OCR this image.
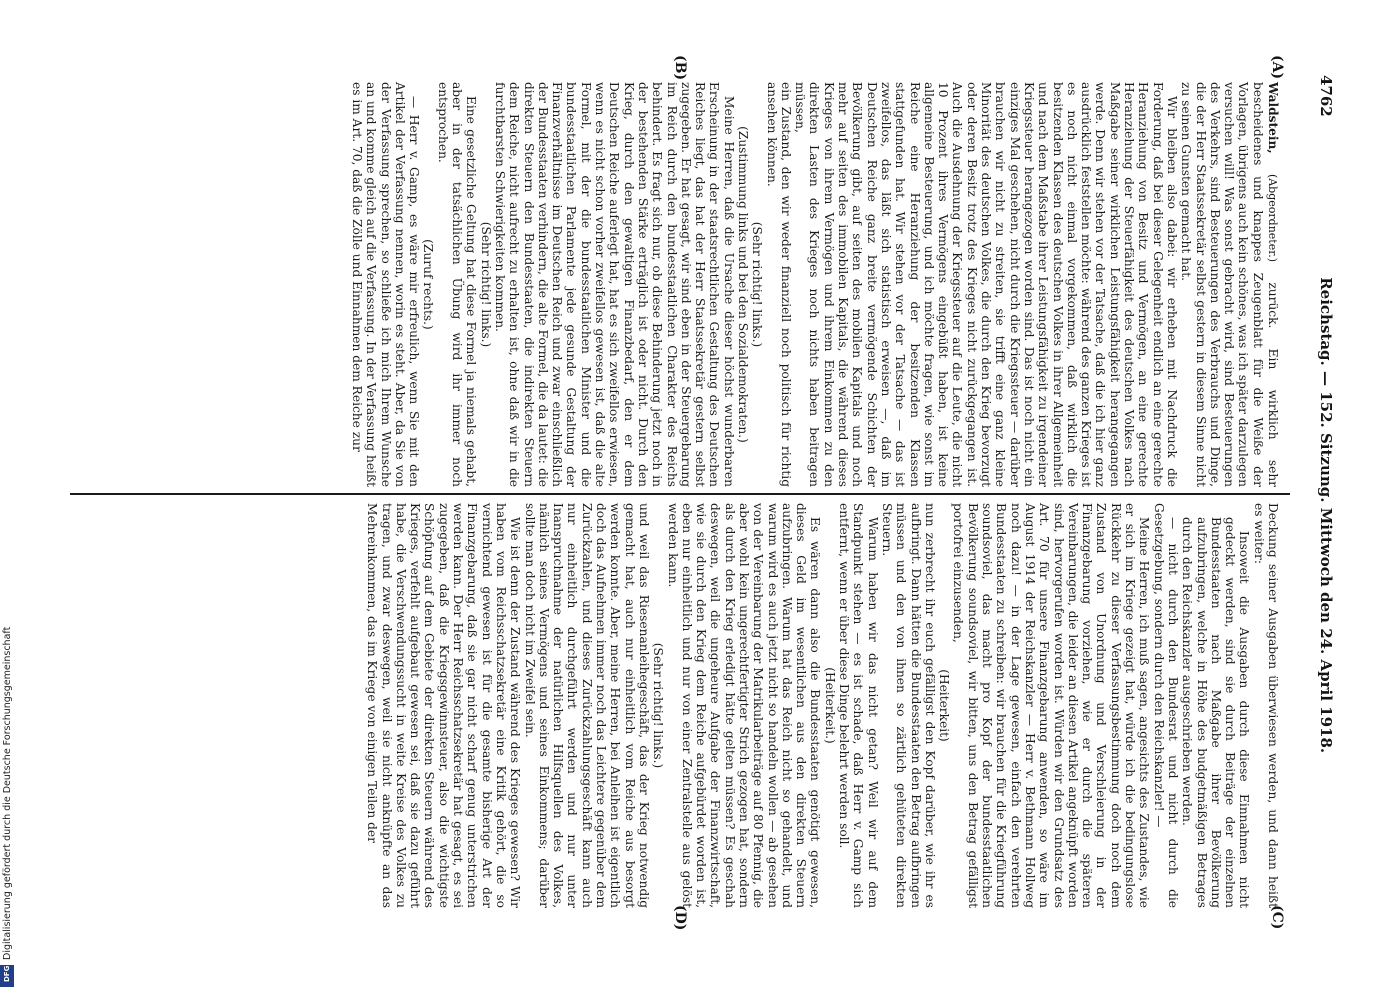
4762  Reichstag. — 152. Sitzung. Mittwoch den 24. April 1918.
(A)
(B)
(C)
(D)

Waldstein, (Abgeordneter.) zurück. Ein wirklich sehr bescheidenes und knappes Zeugenblatt für die Weiße der Vorlagen, übrigens auch kein schönes, was ich später darzulegen versuchen will! Was sonst gebracht wird, sind Besteuerungen des Verkehrs, sind Besteuerungen des Verbrauchs und Dinge, die der Herr Staatssekretär selbst gestern in diesem Sinne nicht zu seinen Gunsten gemacht hat.

Wir bleiben also dabei: wir erheben mit Nachdruck die Forderung, daß bei dieser Gelegenheit endlich an eine gerechte Heranziehung von Besitz und Vermögen, an eine gerechte Heranziehung der Steuerfähigkeit des deutschen Volkes nach Maßgabe seiner wirklichen Leistungsfähigkeit herangegangen werde. Denn wir stehen vor der Tatsache, daß die ich hier ganz ausdrücklich feststellen möchte: während des ganzen Krieges ist es noch nicht einmal vorgekommen, daß wirklich die besitzenden Klassen des deutschen Volkes in ihrer Allgemeinheit und nach dem Maßstabe ihrer Leistungsfähigkeit zu irgendeiner Kriegssteuer herangezogen worden sind. Das ist noch nicht ein einziges Mal geschehen, nicht durch die Kriegssteuer — darüber brauchen wir nicht zu streiten, sie trifft eine ganz kleine Minorität des deutschen Volkes, die durch den Krieg bevorzugt oder deren Besitz trotz des Krieges nicht zurückgegangen ist. Auch die Ausdehnung der Kriegssteuer auf die Leute, die nicht 10 Prozent ihres Vermögens eingebüßt haben, ist keine allgemeine Besteuerung, und ich möchte fragen, wie sonst im Reiche eine Heranziehung der besitzenden Klassen stattgefunden hat. Wir stehen vor der Tatsache — das ist zweifellos, das läßt sich statistisch erweisen —, daß im Deutschen Reiche ganz breite vermögende Schichten der Bevölkerung gibt, auf seiten des mobilen Kapitals und noch mehr auf seiten des immobilen Kapitals, die während dieses Krieges von ihrem Vermögen und ihrem Einkommen zu den direkten Lasten des Krieges noch nichts haben beitragen müssen,

ein Zustand, den wir weder finanziell noch politisch für richtig ansehen können.

(Sehr richtig! links.)

(Zustimmung links und bei den Sozialdemokraten.)

Meine Herren, daß die Ursache dieser höchst wunderbaren Erscheinung in der staatsrechtlichen Gestaltung des Deutschen Reiches liegt, das hat der Herr Staatssekretär gestern selbst zugegeben. Er hat gesagt, wir sind eben in der Steuergebarung im Reich durch den bundesstaatlichen Charakter des Reichs behindert. Es fragt sich nur, ob diese Behinderung jetzt noch in der bestehenden Stärke erträglich ist oder nicht. Durch den Krieg, durch den gewaltigen Finanzbedarf, den er dem Deutschen Reiche auferlegt hat, hat es sich zweifellos erwiesen, wenn es nicht schon vorher zweifellos gewesen ist, daß die alte Formel, mit der die bundesstaatlichen Minister und die bundesstaatlichen Parlamente jede gesunde Gestaltung der Finanzverhältnisse im Deutschen Reich und zwar einschließlich der Bundesstaaten verhindern, die alte Formel, die da lautet: die direkten Steuern den Bundesstaaten, die indirekten Steuern dem Reiche, nicht aufrecht zu erhalten ist, ohne daß wir in die furchtbarsten Schwierigkeiten kommen.

(Sehr richtig! links.)

Eine gesetzliche Geltung hat diese Formel ja niemals gehabt, aber in der tatsächlichen Übung wird ihr immer noch entsprochen.

(Zuruf rechts.)

— Herr v. Gamp, es wäre mir erfreulich, wenn Sie mit den Artikel der Verfassung nennen, worin es steht. Aber, da Sie von der Verfassung sprechen, so schließe ich mich Ihrem Wunsche an und komme gleich auf die Verfassung. In der Verfassung heißt es im Art. 70, daß die Zölle und Einnahmen dem Reiche zur

Deckung seiner Ausgaben überwiesen werden, und dann heißt es weiter:

Insoweit die Ausgaben durch diese Einnahmen nicht gedeckt werden, sind sie durch Beiträge der einzelnen Bundesstaaten nach Maßgabe ihrer Bevölkerung aufzubringen, welche in Höhe des budgetmäßigen Betrages durch den Reichskanzler ausgeschrieben werden.

— nicht durch den Bundesrat und nicht durch die Gesetzgebung, sondern durch den Reichskanzler! —

Meine Herren, ich muß sagen, angesichts des Zustandes, wie er sich im Kriege gezeigt hat, würde ich die bedingungslose Rückkehr zu dieser Verfassungsbestimmung doch noch dem Zustand von Unordnung und Verschleierung in der Finanzgebarung vorziehen, wie er durch die späteren Vereinbarungen, die leider an diesen Artikel angeknüpft worden sind, hervorgerufen worden ist. Würden wir den Grundsatz des Art. 70 für unsere Finanzgebarung anwenden, so wäre im August 1914 der Reichskanzler — Herr v. Bethmann Hollweg noch dazu! — in der Lage gewesen, einfach den verehrten Bundesstaaten zu schreiben: wir brauchen für die Kriegführung soundsoviel, das macht pro Kopf der bundesstaatlichen Bevölkerung soundsoviel, wir bitten, uns den Betrag gefälligst portofrei einzusenden,

(Heiterkeit)

nun zerbrecht ihr euch gefälligst den Kopf darüber, wie ihr es aufbringt. Dann hätten die Bundesstaaten den Betrag aufbringen müssen und den von ihnen so zärtlich gehüteten direkten Steuern.

Warum haben wir das nicht getan? Weil wir auf dem Standpunkt stehen — es ist schade, daß Herr v. Gamp sich entfernt, wenn er über diese Dinge belehrt werden soll.

(Heiterkeit.)

Es wären dann also die Bundesstaaten genötigt gewesen, dieses Geld im wesentlichen aus den direkten Steuern aufzubringen. Warum hat das Reich nicht so gehandelt, und warum wird es auch jetzt nicht so handeln wollen — ab gesehen von der Vereinbarung der Matrikularbeiträge auf 80 Pfennig, die aber wohl kein ungerechtfertigter Strich gezogen hat, sondern als durch den Krieg erledigt hätte gelten müssen? Es geschah deswegen, weil die ungeheure Aufgabe der Finanzwirtschaft, wie sie durch den Krieg dem Reiche aufgebürdet worden ist, eben nur einheitlich und nur von einer Zentralstelle aus gelöst werden kann.

(Sehr richtig! links.)

und weil das Riesenanleihegeschäft, das der Krieg notwendig gemacht hat, auch nur einheitlich vom Reiche aus besorgt werden konnte. Aber, meine Herren, bei Anleihen ist eigentlich doch das Aufnehmen immer noch das Leichtere gegenüber dem Zurückzahlen, und dieses Zurückzahlungsgeschäft kann auch nur einheitlich durchgeführt werden und nur unter Inanspruchnahme der natürlichen Hilfsquellen des Volkes, nämlich seines Vermögens und seines Einkommens; darüber sollte man doch nicht im Zweifel sein.

Wie ist denn der Zustand während des Krieges gewesen? Wir haben vom Reichsschatzsekretär eine Kritik gehört, die so vernichtend gewesen ist für die gesamte bisherige Art der Finanzgebarung, daß sie gar nicht scharf genug unterstrichen werden kann. Der Herr Reichsschatzsekretär hat gesagt, es sei zugegeben, daß die Kriegsgewinnsteuer, also die wichtigste Schöpfung auf dem Gebiete der direkten Steuern während des Krieges, verfehlt aufgebaut gewesen sei, daß sie dazu geführt habe, die Verschwendungssucht in weite Kreise des Volkes zu tragen, und zwar deswegen, weil sie nicht anknüpfte an das Mehreinkommen, das im Kriege von einigen Teilen der

Digitalisierung gefördert durch die Deutsche Forschungsgemeinschaft
DFG
